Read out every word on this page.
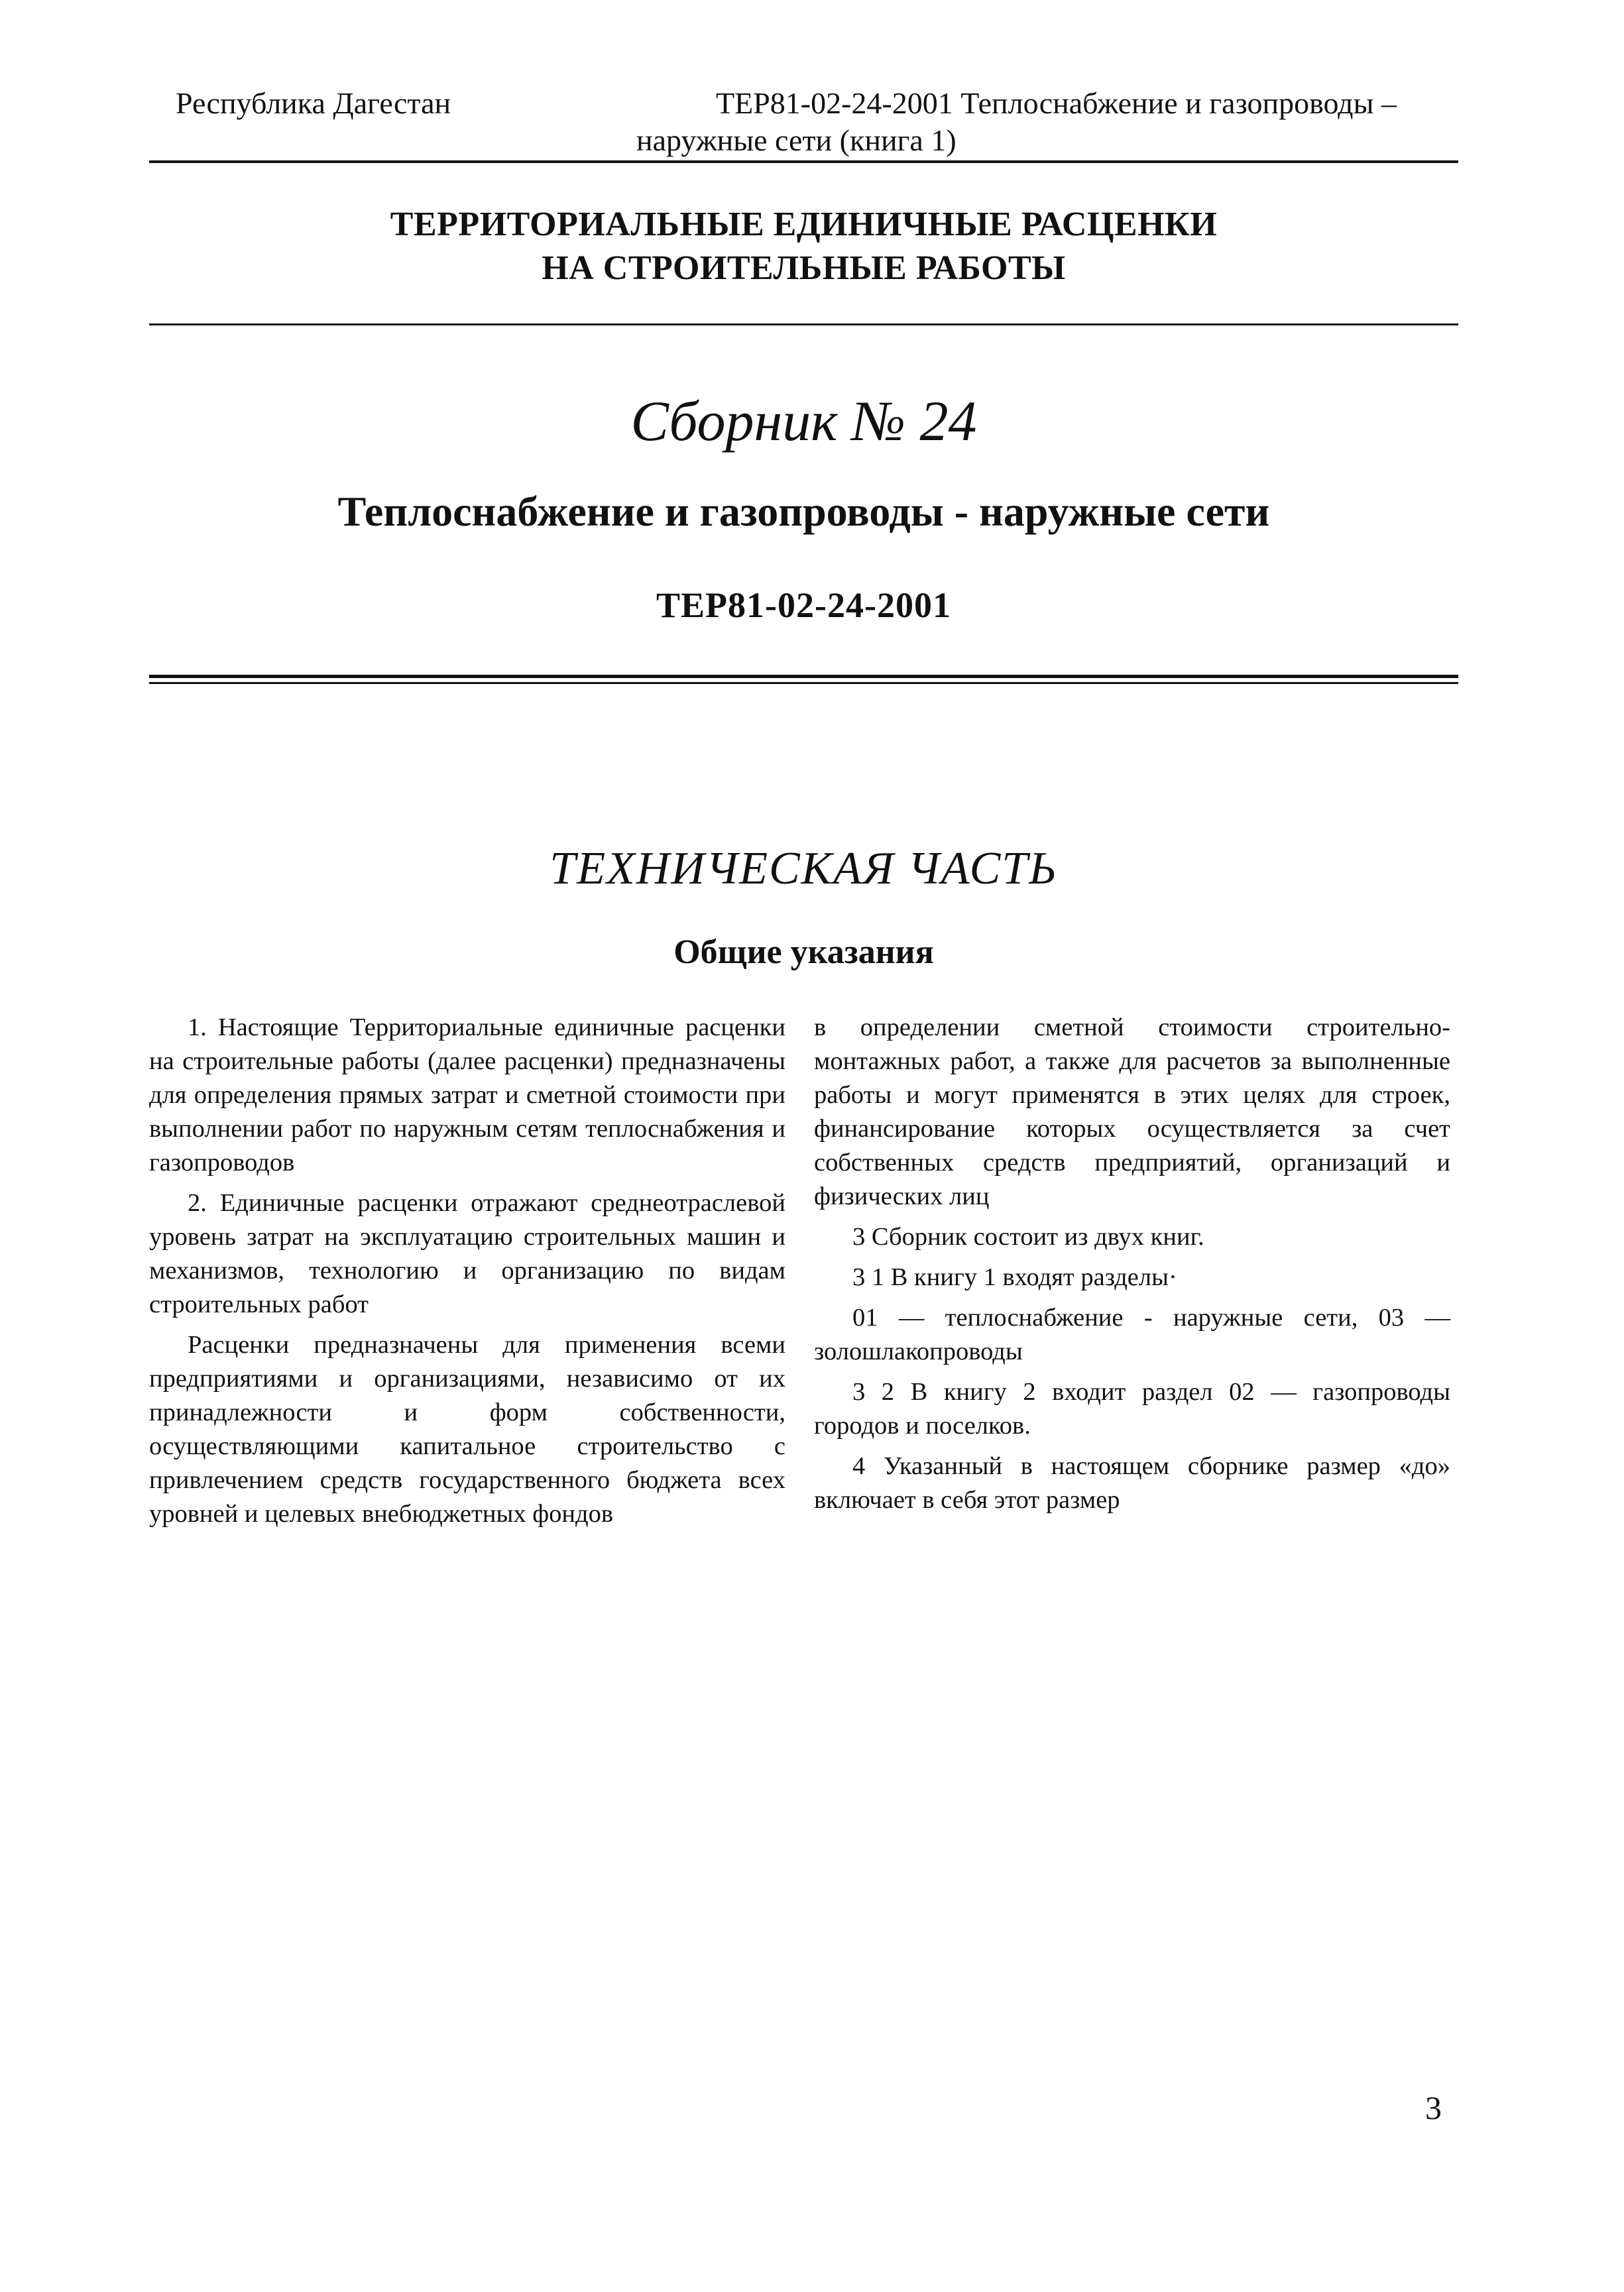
Республика Дагестан	ТЕР81-02-24-2001 Теплоснабжение и газопроводы –
наружные сети (книга 1)
ТЕРРИТОРИАЛЬНЫЕ ЕДИНИЧНЫЕ РАСЦЕНКИ
НА СТРОИТЕЛЬНЫЕ РАБОТЫ
Сборник № 24
Теплоснабжение и газопроводы - наружные сети
ТЕР81-02-24-2001
ТЕХНИЧЕСКАЯ ЧАСТЬ
Общие указания

1. Настоящие Территориальные единичные расценки на строительные работы (далее расценки) предназначены для определения прямых затрат и сметной стоимости при выполнении работ по наружным сетям теплоснабжения и газопроводов

2. Единичные расценки отражают среднеотраслевой уровень затрат на эксплуатацию строительных машин и механизмов, технологию и организацию по видам строительных работ

Расценки предназначены для применения всеми предприятиями и организациями, независимо от их принадлежности и форм собственности, осуществляющими капитальное строительство с привлечением средств государственного бюджета всех уровней и целевых внебюджетных фондов

в определении сметной стоимости строительно-монтажных работ, а также для расчетов за выполненные работы и могут применятся в этих целях для строек, финансирование которых осуществляется за счет собственных средств предприятий, организаций и физических лиц

3 Сборник состоит из двух книг.

3 1 В книгу 1 входят разделы·

01 — теплоснабжение - наружные сети, 03 — золошлакопроводы

3 2 В книгу 2 входит раздел 02 — газопроводы городов и поселков.

4 Указанный в настоящем сборнике размер «до» включает в себя этот размер

3
